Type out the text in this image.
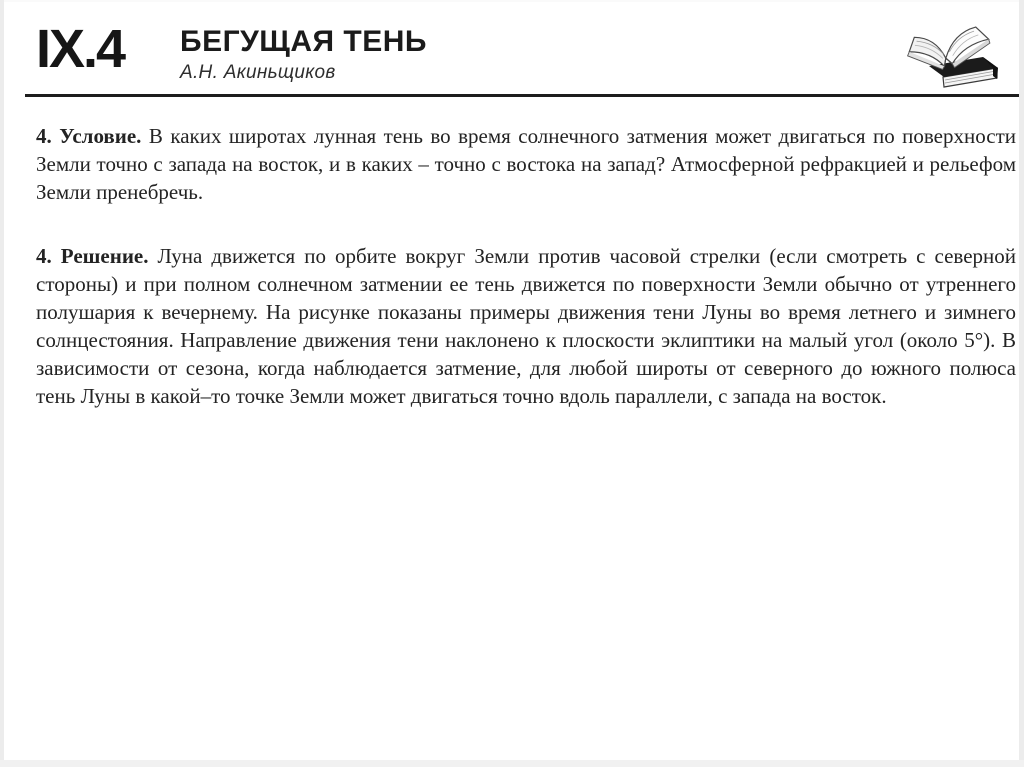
IX.4 БЕГУЩАЯ ТЕНЬ
А.Н. Акиньщиков

4. Условие. В каких широтах лунная тень во время солнечного затмения может двигаться по поверхности Земли точно с запада на восток, и в каких – точно с востока на запад? Атмосферной рефракцией и рельефом Земли пренебречь.

4. Решение. Луна движется по орбите вокруг Земли против часовой стрелки (если смотреть с северной стороны) и при полном солнечном затмении ее тень движется по поверхности Земли обычно от утреннего полушария к вечернему. На рисунке показаны примеры движения тени Луны во время летнего и зимнего солнцестояния. Направление движения тени наклонено к плоскости эклиптики на малый угол (около 5°). В зависимости от сезона, когда наблюдается затмение, для любой широты от северного до южного полюса тень Луны в какой–то точке Земли может двигаться точно вдоль параллели, с запада на восток.
